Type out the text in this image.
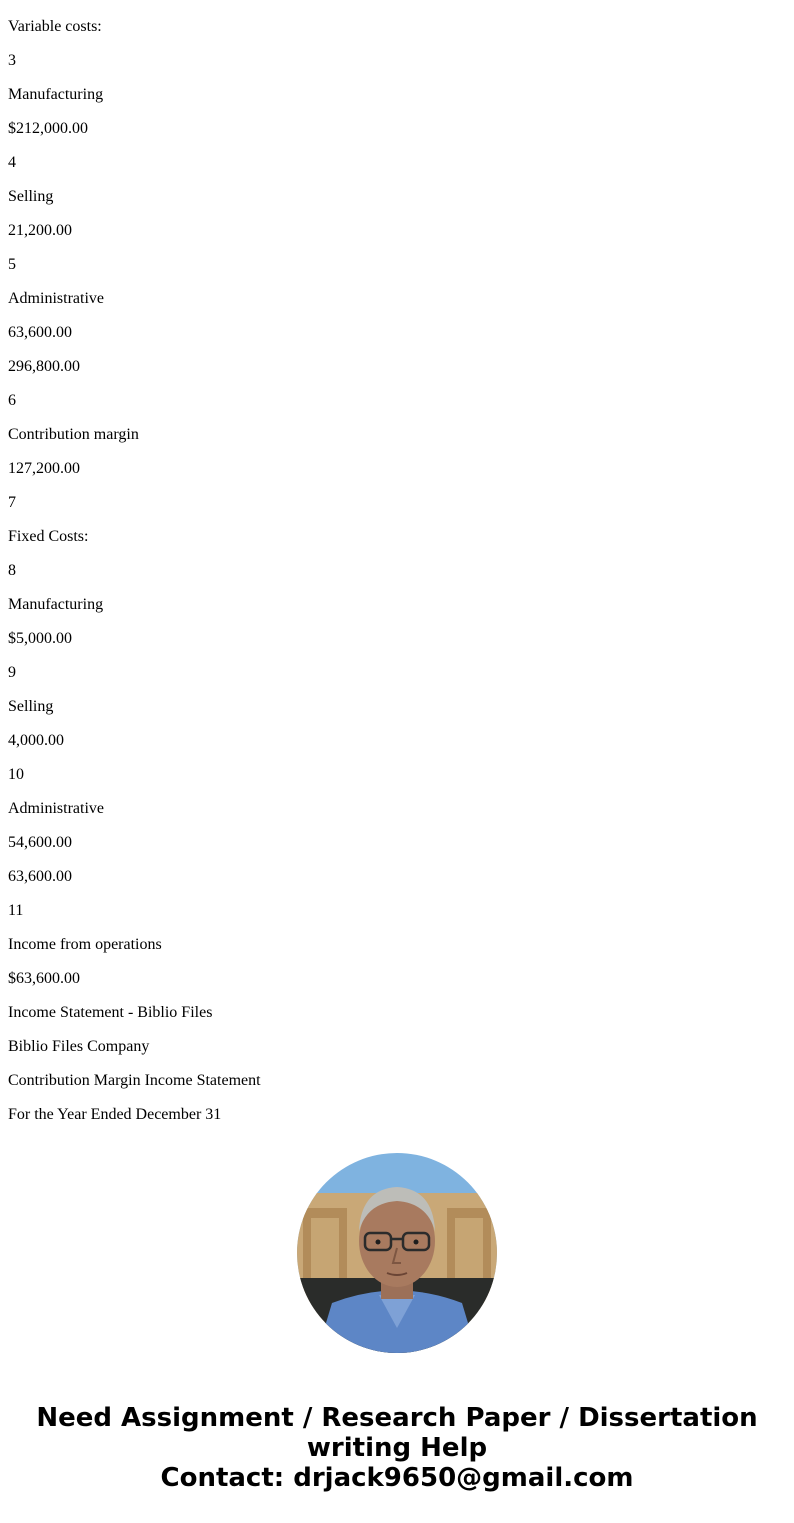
Variable costs:
3
Manufacturing
$212,000.00
4
Selling
21,200.00
5
Administrative
63,600.00
296,800.00
6
Contribution margin
127,200.00
7
Fixed Costs:
8
Manufacturing
$5,000.00
9
Selling
4,000.00
10
Administrative
54,600.00
63,600.00
11
Income from operations
$63,600.00
Income Statement - Biblio Files
Biblio Files Company
Contribution Margin Income Statement
For the Year Ended December 31
Need Assignment / Research Paper / Dissertation
writing Help
Contact: drjack9650@gmail.com
